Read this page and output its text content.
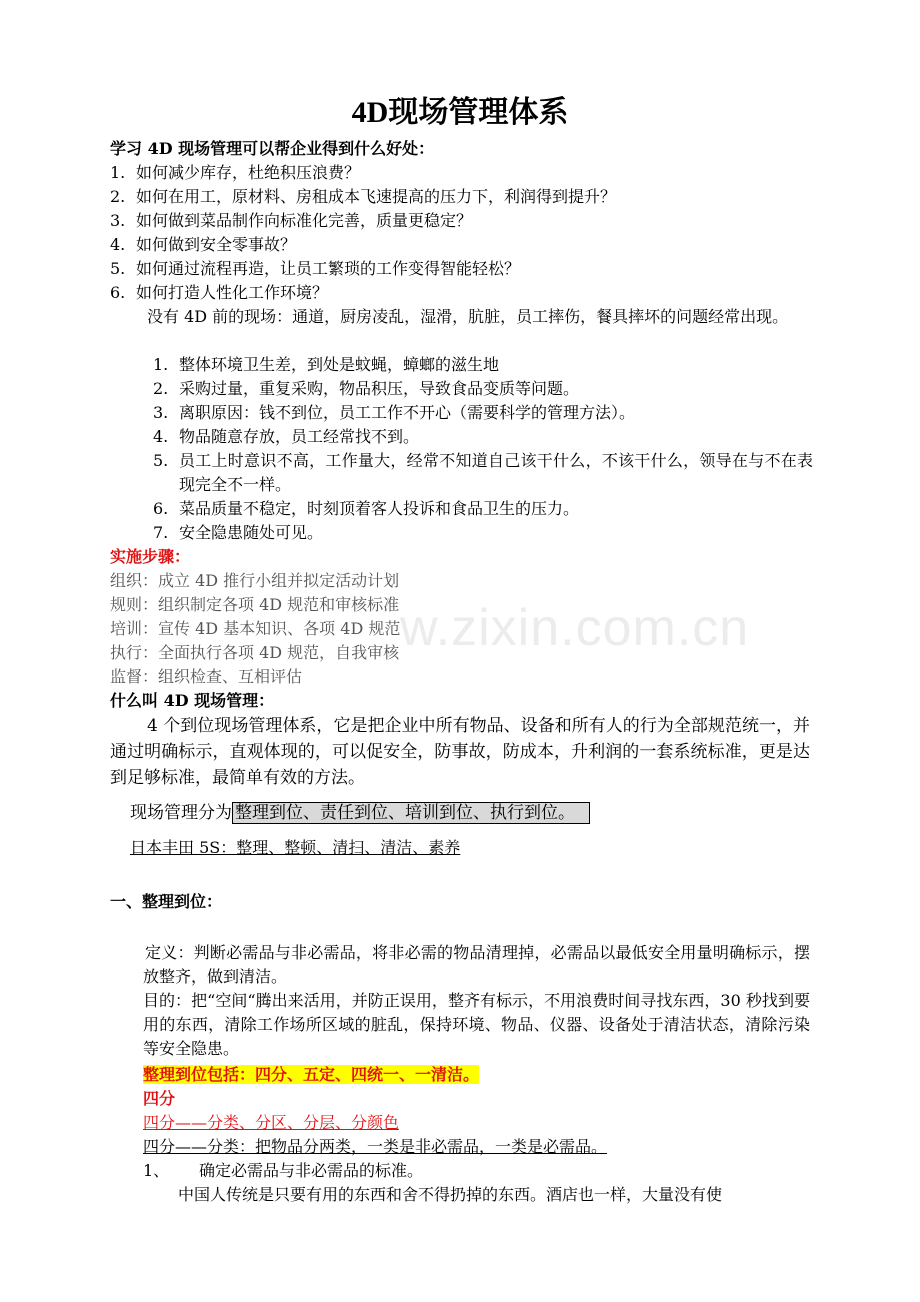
w.zixin.com.cn
4D现场管理体系
学习 4D 现场管理可以帮企业得到什么好处：
1. 如何减少库存，杜绝积压浪费？
2. 如何在用工，原材料、房租成本飞速提高的压力下，利润得到提升？
3. 如何做到菜品制作向标准化完善，质量更稳定？
4. 如何做到安全零事故？
5. 如何通过流程再造，让员工繁琐的工作变得智能轻松？
6. 如何打造人性化工作环境？
没有 4D 前的现场：通道，厨房凌乱，湿滑，肮脏，员工摔伤，餐具摔坏的问题经常出现。
1. 整体环境卫生差，到处是蚊蝇，蟑螂的滋生地
2. 采购过量，重复采购，物品积压，导致食品变质等问题。
3. 离职原因：钱不到位，员工工作不开心（需要科学的管理方法）。
4. 物品随意存放，员工经常找不到。
5. 员工上时意识不高，工作量大，经常不知道自己该干什么，不该干什么，领导在与不在表现完全不一样。
6. 菜品质量不稳定，时刻顶着客人投诉和食品卫生的压力。
7. 安全隐患随处可见。
实施步骤：
组织：成立 4D 推行小组并拟定活动计划
规则：组织制定各项 4D 规范和审核标准
培训：宣传 4D 基本知识、各项 4D 规范
执行：全面执行各项 4D 规范，自我审核
监督：组织检查、互相评估
什么叫 4D 现场管理：
4 个到位现场管理体系，它是把企业中所有物品、设备和所有人的行为全部规范统一，并通过明确标示，直观体现的，可以促安全，防事故，防成本，升利润的一套系统标准，更是达到足够标准，最简单有效的方法。
现场管理分为 整理到位、责任到位、培训到位、执行到位。
日本丰田 5S：整理、整顿、清扫、清洁、素养
一、整理到位：
定义：判断必需品与非必需品，将非必需的物品清理掉，必需品以最低安全用量明确标示，摆放整齐，做到清洁。
目的：把“空间“腾出来活用，并防正误用，整齐有标示，不用浪费时间寻找东西，30 秒找到要用的东西，清除工作场所区域的脏乱，保持环境、物品、仪器、设备处于清洁状态，清除污染等安全隐患。
整理到位包括：四分、五定、四统一、一清洁。
四分
四分——分类、分区、分层、分颜色
四分——分类：把物品分两类，一类是非必需品，一类是必需品。
1、 确定必需品与非必需品的标准。
中国人传统是只要有用的东西和舍不得扔掉的东西。酒店也一样，大量没有使
